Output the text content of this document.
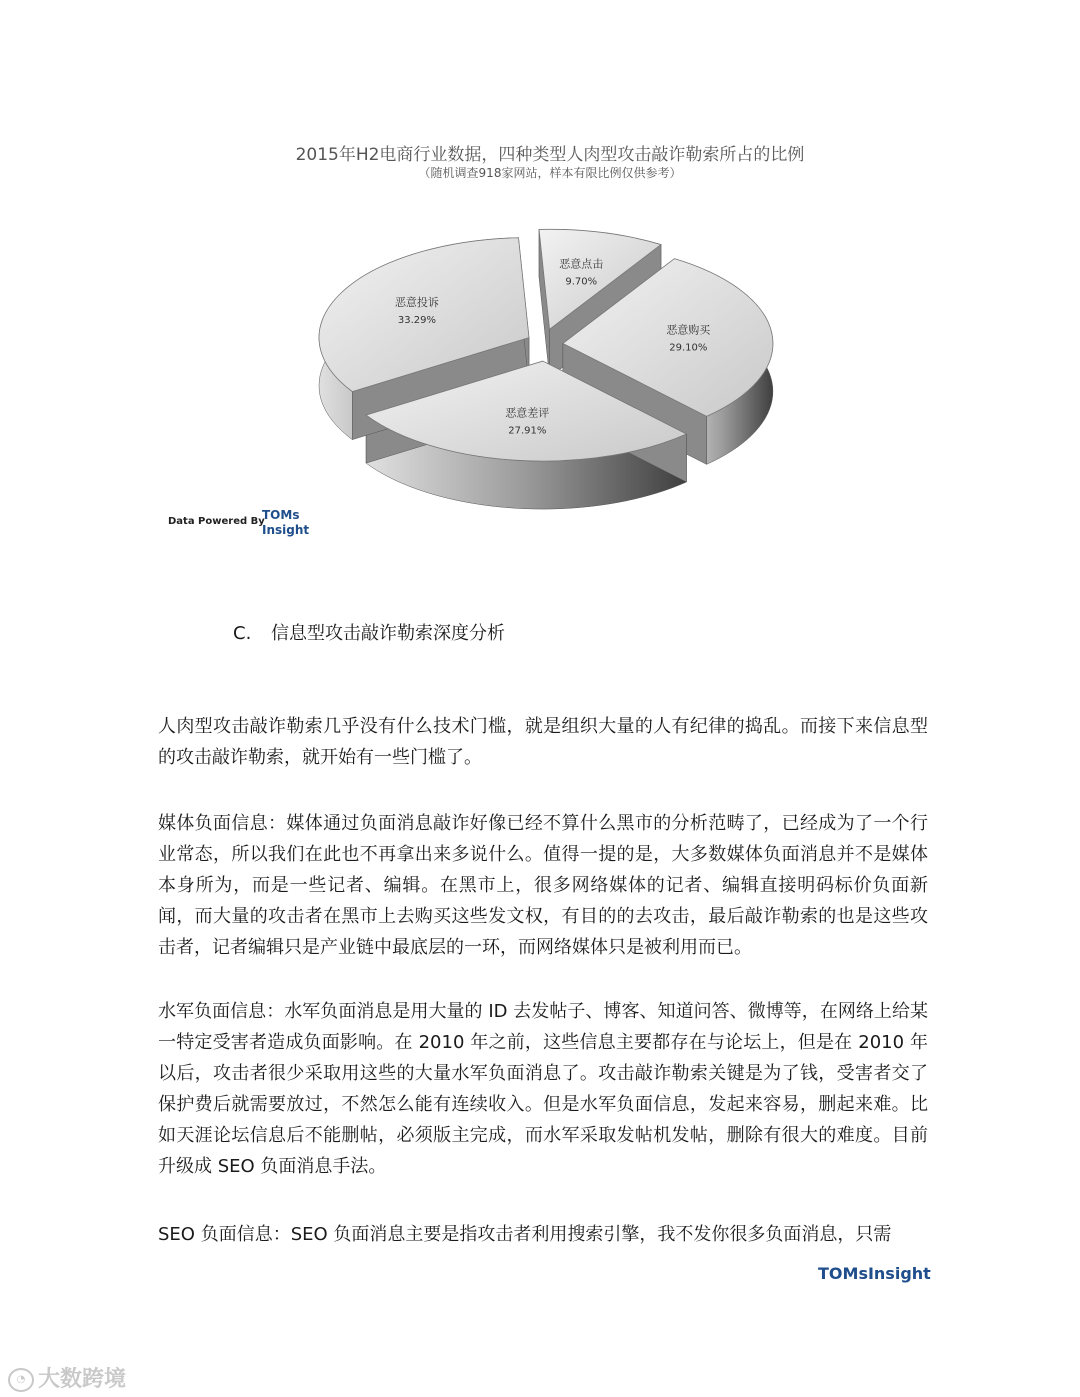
2015年H2电商行业数据，四种类型人肉型攻击敲诈勒索所占的比例
（随机调查918家网站，样本有限比例仅供参考）
恶意点击
9.70%
恶意购买
29.10%
恶意差评
27.91%
恶意投诉
33.29%
Data Powered By
TOMs
Insight
C. 信息型攻击敲诈勒索深度分析
人肉型攻击敲诈勒索几乎没有什么技术门槛，就是组织大量的人有纪律的捣乱。而接下来信息型的攻击敲诈勒索，就开始有一些门槛了。
媒体负面信息：媒体通过负面消息敲诈好像已经不算什么黑市的分析范畴了，已经成为了一个行业常态，所以我们在此也不再拿出来多说什么。值得一提的是，大多数媒体负面消息并不是媒体本身所为，而是一些记者、编辑。在黑市上，很多网络媒体的记者、编辑直接明码标价负面新闻，而大量的攻击者在黑市上去购买这些发文权，有目的的去攻击，最后敲诈勒索的也是这些攻击者，记者编辑只是产业链中最底层的一环，而网络媒体只是被利用而已。
水军负面信息：水军负面消息是用大量的 ID 去发帖子、博客、知道问答、微博等，在网络上给某一特定受害者造成负面影响。在 2010 年之前，这些信息主要都存在与论坛上，但是在 2010 年以后，攻击者很少采取用这些的大量水军负面消息了。攻击敲诈勒索关键是为了钱，受害者交了保护费后就需要放过，不然怎么能有连续收入。但是水军负面信息，发起来容易，删起来难。比如天涯论坛信息后不能删帖，必须版主完成，而水军采取发帖机发帖，删除有很大的难度。目前升级成 SEO 负面消息手法。
SEO 负面信息：SEO 负面消息主要是指攻击者利用搜索引擎，我不发你很多负面消息，只需
TOMsInsight
◔ 大数跨境
